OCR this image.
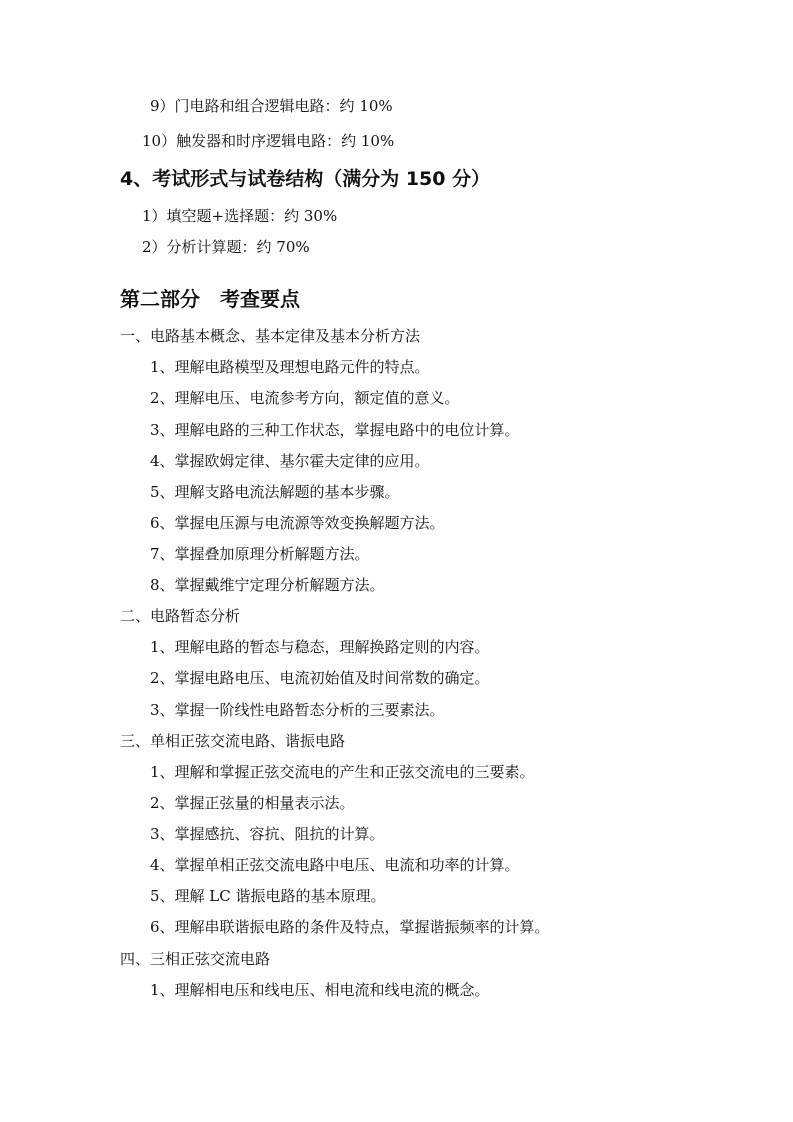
9）门电路和组合逻辑电路：约 10%
10）触发器和时序逻辑电路：约 10%
4、考试形式与试卷结构（满分为 150 分）
1）填空题+选择题：约 30%
2）分析计算题：约 70%
第二部分　考查要点
一、电路基本概念、基本定律及基本分析方法
1、理解电路模型及理想电路元件的特点。
2、理解电压、电流参考方向，额定值的意义。
3、理解电路的三种工作状态，掌握电路中的电位计算。
4、掌握欧姆定律、基尔霍夫定律的应用。
5、理解支路电流法解题的基本步骤。
6、掌握电压源与电流源等效变换解题方法。
7、掌握叠加原理分析解题方法。
8、掌握戴维宁定理分析解题方法。
二、电路暂态分析
1、理解电路的暂态与稳态，理解换路定则的内容。
2、掌握电路电压、电流初始值及时间常数的确定。
3、掌握一阶线性电路暂态分析的三要素法。
三、单相正弦交流电路、谐振电路
1、理解和掌握正弦交流电的产生和正弦交流电的三要素。
2、掌握正弦量的相量表示法。
3、掌握感抗、容抗、阻抗的计算。
4、掌握单相正弦交流电路中电压、电流和功率的计算。
5、理解 LC 谐振电路的基本原理。
6、理解串联谐振电路的条件及特点，掌握谐振频率的计算。
四、三相正弦交流电路
1、理解相电压和线电压、相电流和线电流的概念。
